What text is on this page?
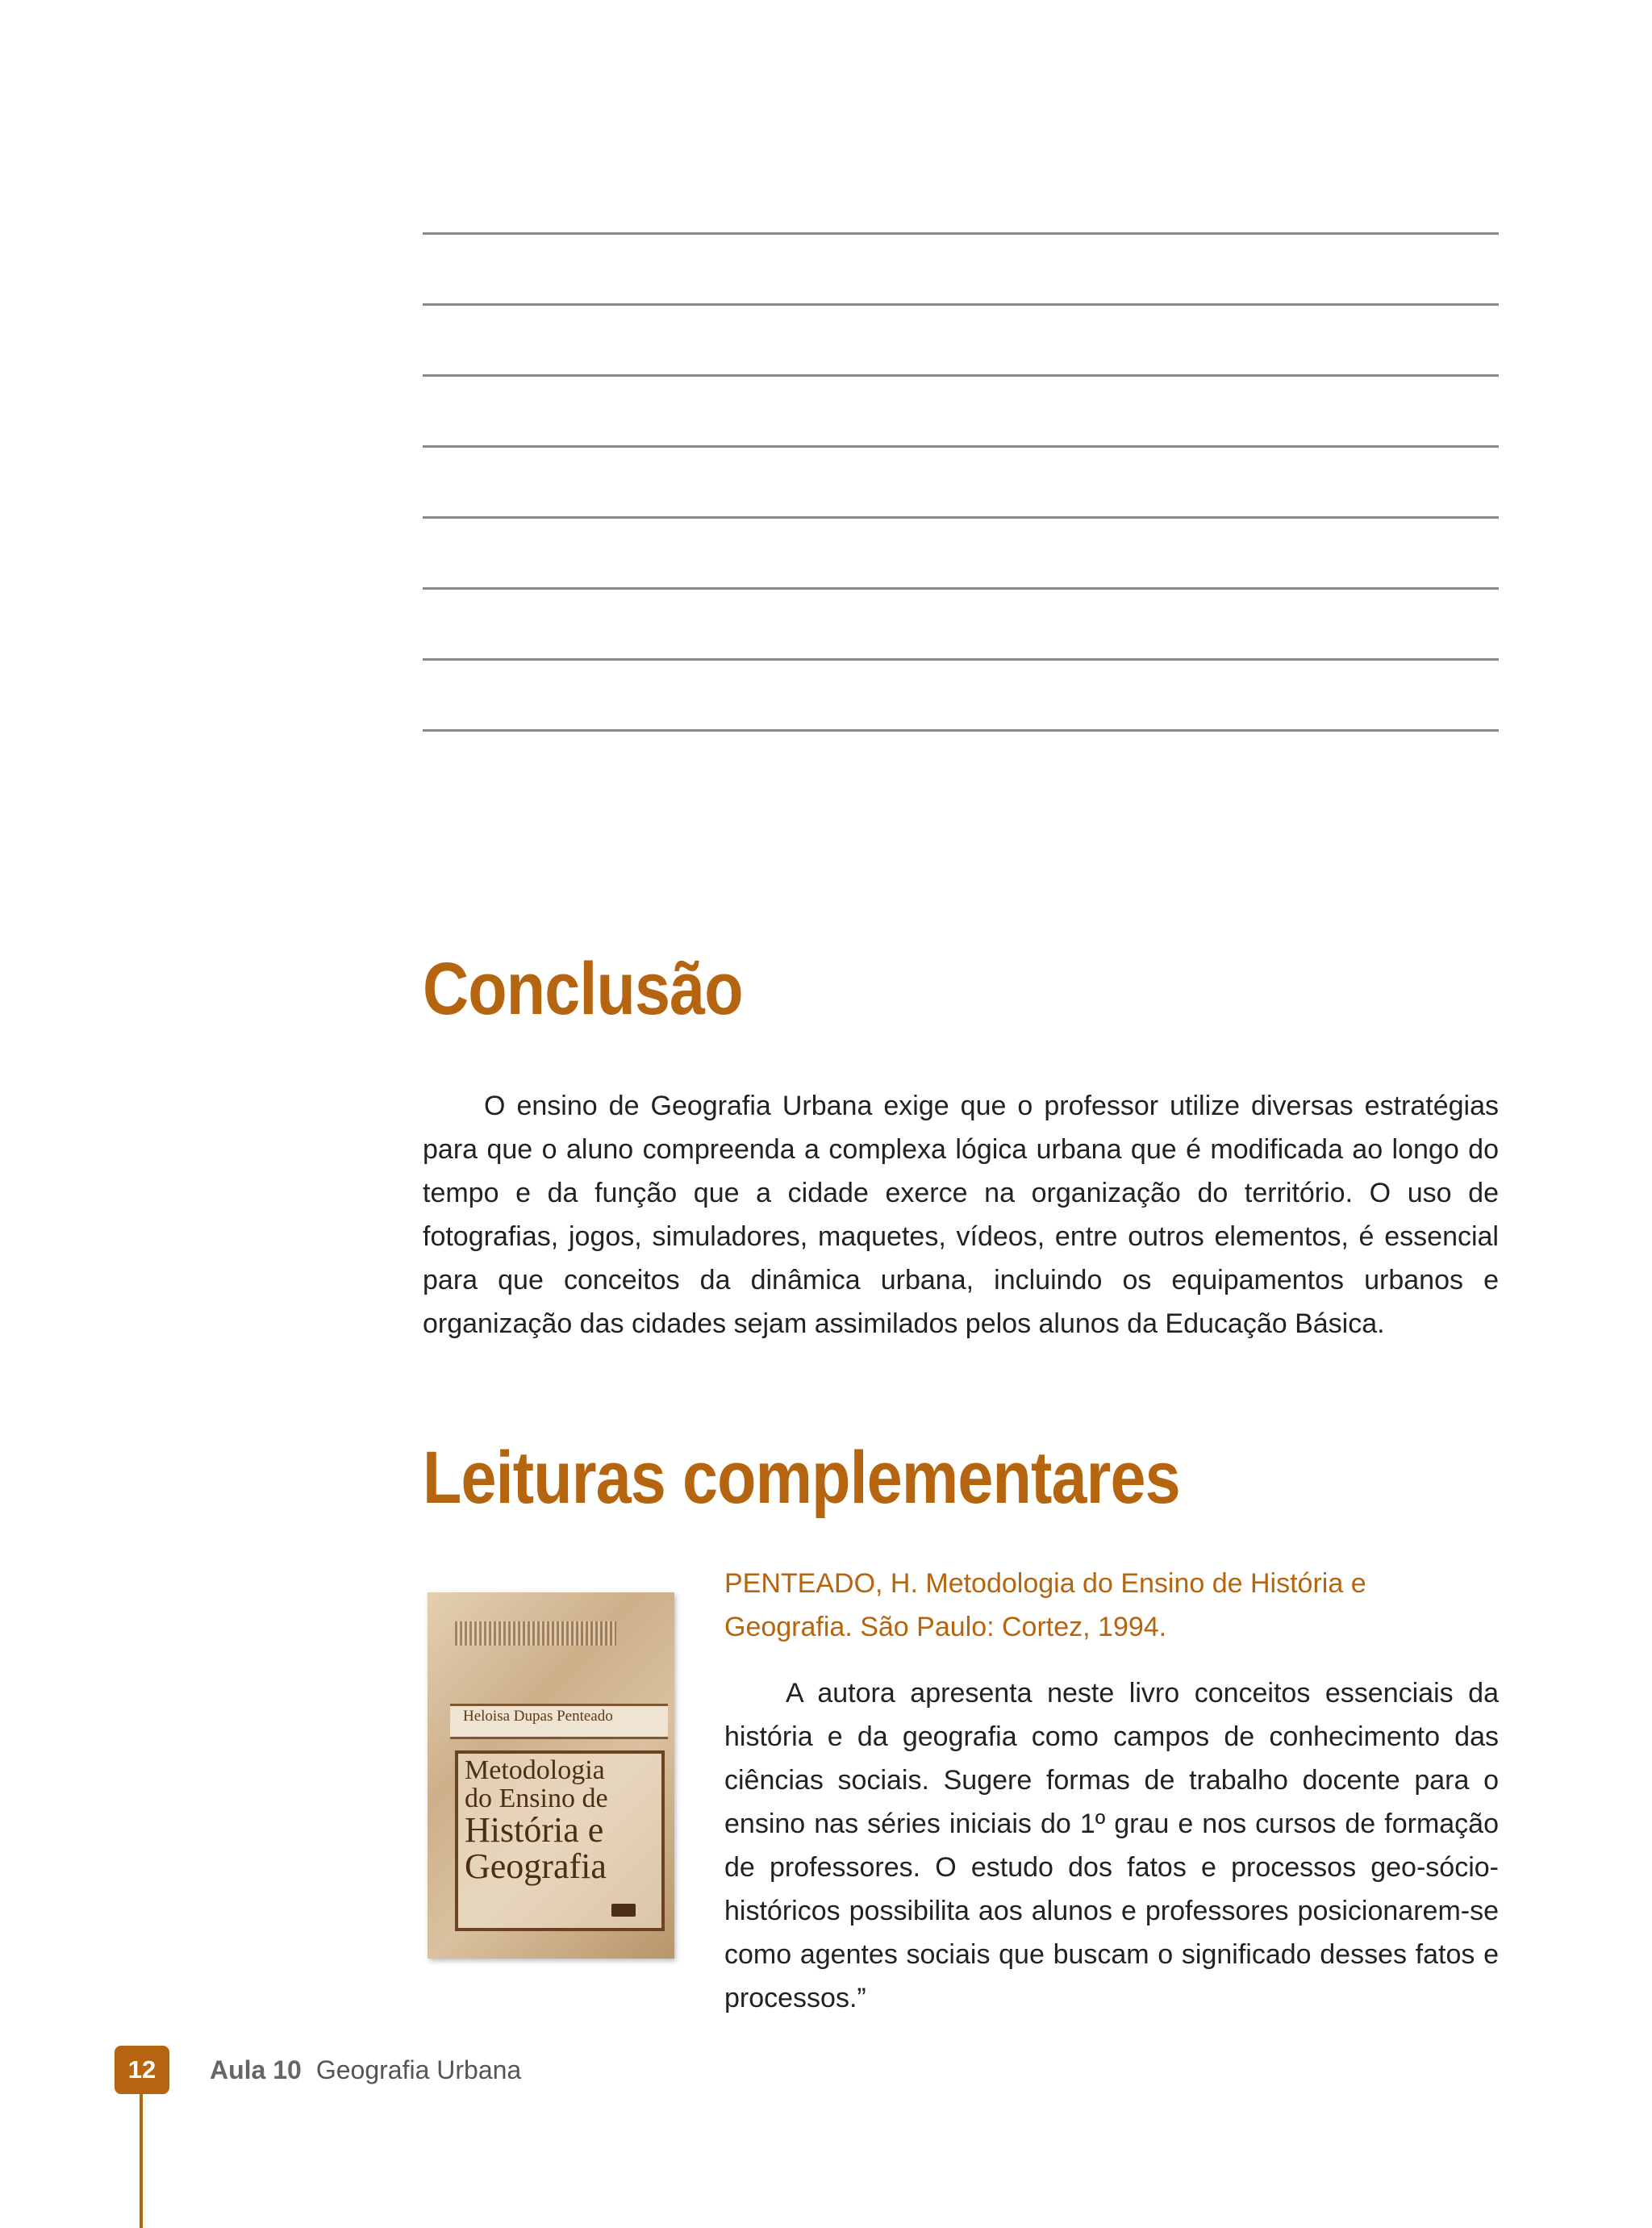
Conclusão

O ensino de Geografia Urbana exige que o professor utilize diversas estratégias para que o aluno compreenda a complexa lógica urbana que é modificada ao longo do tempo e da função que a cidade exerce na organização do território. O uso de fotografias, jogos, simuladores, maquetes, vídeos, entre outros elementos, é essencial para que conceitos da dinâmica urbana, incluindo os equipamentos urbanos e organização das cidades sejam assimilados pelos alunos da Educação Básica.

Leituras complementares
Heloisa Dupas Penteado
Metodologia
do Ensino de
História e
Geografia

PENTEADO, H. Metodologia do Ensino de História e Geografia. São Paulo: Cortez, 1994.

A autora apresenta neste livro conceitos essenciais da história e da geografia como campos de conhecimento das ciências sociais. Sugere formas de trabalho docente para o ensino nas séries iniciais do 1º grau e nos cursos de formação de professores. O estudo dos fatos e processos geo-sócio-históricos possibilita aos alunos e professores posicionarem-se como agentes sociais que buscam o significado desses fatos e processos.”

12	Aula 10 Geografia Urbana
